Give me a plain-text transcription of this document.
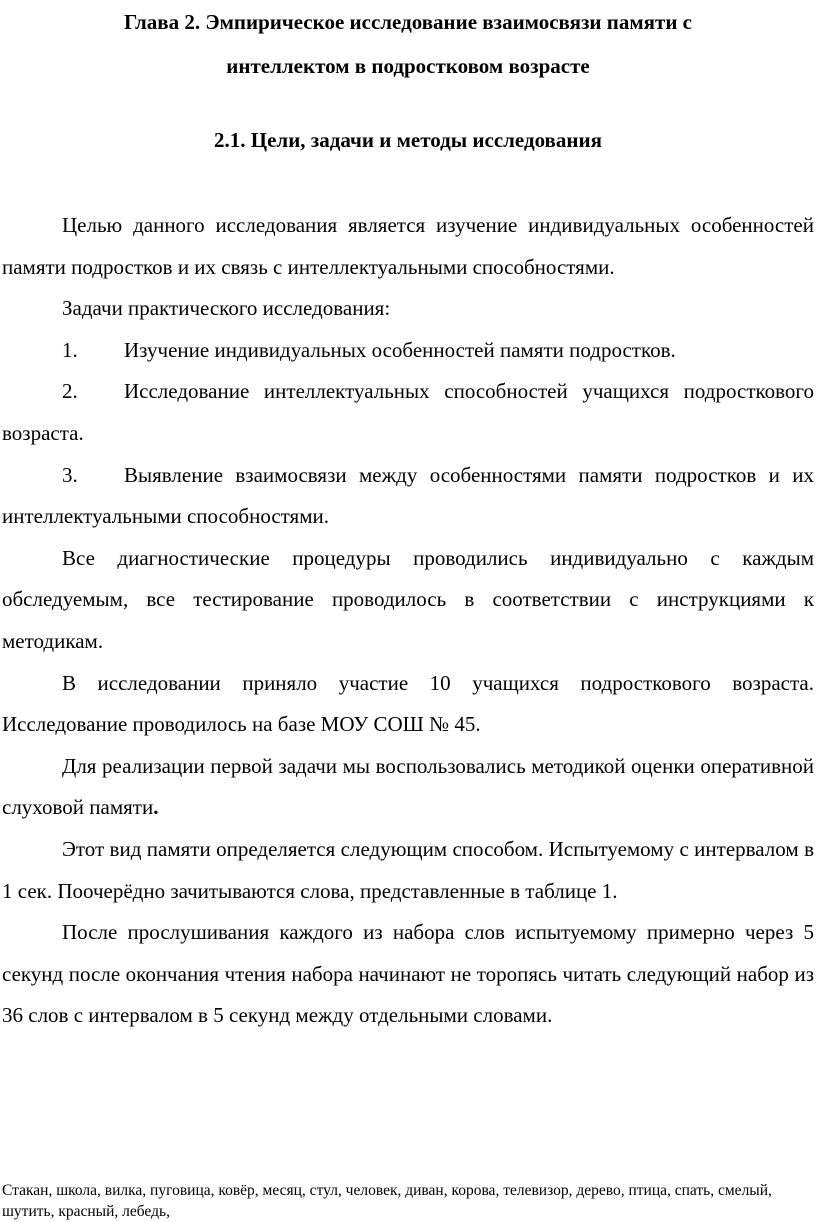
Глава 2. Эмпирическое исследование взаимосвязи памяти с
интеллектом в подростковом возрасте
2.1. Цели, задачи и методы исследования

Целью данного исследования является изучение индивидуальных особенностей памяти подростков и их связь с интеллектуальными способностями.

Задачи практического исследования:

1. Изучение индивидуальных особенностей памяти подростков.

2. Исследование интеллектуальных способностей учащихся подросткового возраста.

3. Выявление взаимосвязи между особенностями памяти подростков и их интеллектуальными способностями.

Все диагностические процедуры проводились индивидуально с каждым обследуемым, все тестирование проводилось в соответствии с инструкциями к методикам.

В исследовании приняло участие 10 учащихся подросткового возраста. Исследование проводилось на базе МОУ СОШ № 45.

Для реализации первой задачи мы воспользовались методикой оценки оперативной слуховой памяти.

Этот вид памяти определяется следующим способом. Испытуемому с интервалом в 1 сек. Поочерёдно зачитываются слова, представленные в таблице 1.

После прослушивания каждого из набора слов испытуемому примерно через 5 секунд после окончания чтения набора начинают не торопясь читать следующий набор из 36 слов с интервалом в 5 секунд между отдельными словами.

Стакан, школа, вилка, пуговица, ковёр, месяц, стул, человек, диван, корова, телевизор, дерево, птица, спать, смелый, шутить, красный, лебедь,
